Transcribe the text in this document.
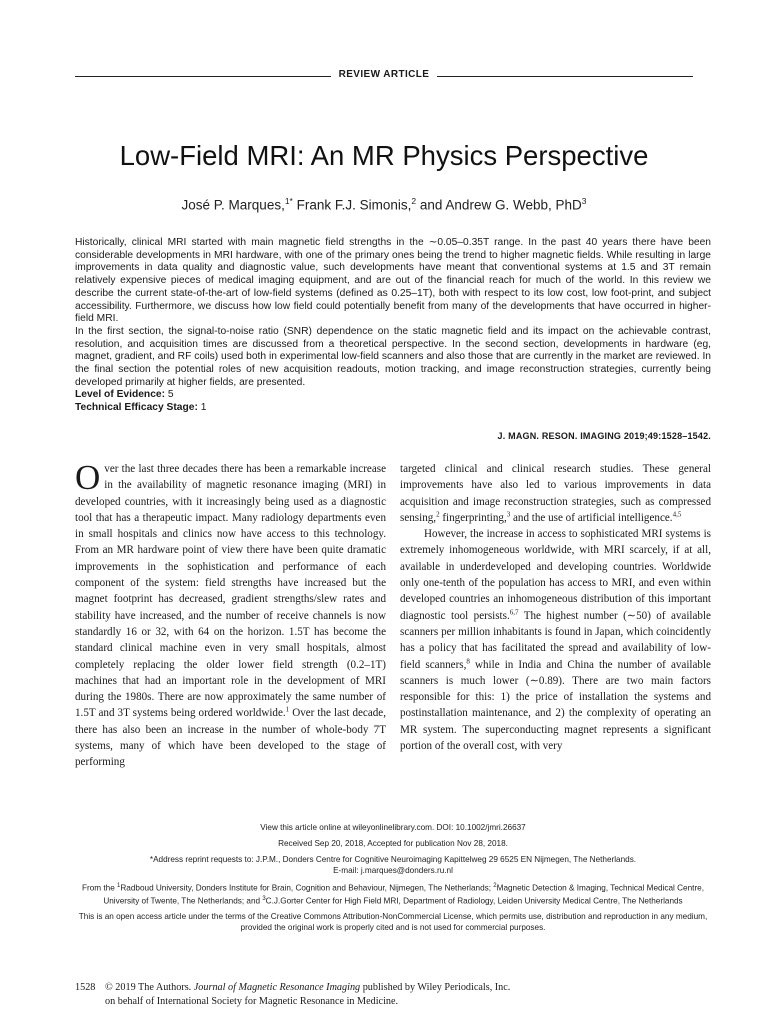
REVIEW ARTICLE
Low-Field MRI: An MR Physics Perspective
José P. Marques,$^{1*}$ Frank F.J. Simonis,$^2$ and Andrew G. Webb, PhD$^3$

Historically, clinical MRI started with main magnetic field strengths in the ∼0.05–0.35T range. In the past 40 years there have been considerable developments in MRI hardware, with one of the primary ones being the trend to higher magnetic fields. While resulting in large improvements in data quality and diagnostic value, such developments have meant that conventional systems at 1.5 and 3T remain relatively expensive pieces of medical imaging equipment, and are out of the financial reach for much of the world. In this review we describe the current state-of-the-art of low-field systems (defined as 0.25–1T), both with respect to its low cost, low foot-print, and subject accessibility. Furthermore, we discuss how low field could potentially benefit from many of the developments that have occurred in higher-field MRI.

In the first section, the signal-to-noise ratio (SNR) dependence on the static magnetic field and its impact on the achievable contrast, resolution, and acquisition times are discussed from a theoretical perspective. In the second section, developments in hardware (eg, magnet, gradient, and RF coils) used both in experimental low-field scanners and also those that are currently in the market are reviewed. In the final section the potential roles of new acquisition readouts, motion tracking, and image reconstruction strategies, currently being developed primarily at higher fields, are presented.

Level of Evidence: 5

Technical Efficacy Stage: 1

J. MAGN. RESON. IMAGING 2019;49:1528–1542.

Over the last three decades there has been a remarkable increase in the availability of magnetic resonance imaging (MRI) in developed countries, with it increasingly being used as a diagnostic tool that has a therapeutic impact. Many radiology departments even in small hospitals and clinics now have access to this technology. From an MR hardware point of view there have been quite dramatic improvements in the sophistication and performance of each component of the system: field strengths have increased but the magnet footprint has decreased, gradient strengths/slew rates and stability have increased, and the number of receive channels is now standardly 16 or 32, with 64 on the horizon. 1.5T has become the standard clinical machine even in very small hospitals, almost completely replacing the older lower field strength (0.2–1T) machines that had an important role in the development of MRI during the 1980s. There are now approximately the same number of 1.5T and 3T systems being ordered worldwide.$^1$ Over the last decade, there has also been an increase in the number of whole-body 7T systems, many of which have been developed to the stage of performing

targeted clinical and clinical research studies. These general improvements have also led to various improvements in data acquisition and image reconstruction strategies, such as compressed sensing,$^2$ fingerprinting,$^3$ and the use of artificial intelligence.$^{4,5}$

However, the increase in access to sophisticated MRI systems is extremely inhomogeneous worldwide, with MRI scarcely, if at all, available in underdeveloped and developing countries. Worldwide only one-tenth of the population has access to MRI, and even within developed countries an inhomogeneous distribution of this important diagnostic tool persists.$^{6,7}$ The highest number (∼50) of available scanners per million inhabitants is found in Japan, which coincidently has a policy that has facilitated the spread and availability of low-field scanners,$^8$ while in India and China the number of available scanners is much lower (∼0.89). There are two main factors responsible for this: 1) the price of installation the systems and postinstallation maintenance, and 2) the complexity of operating an MR system. The superconducting magnet represents a significant portion of the overall cost, with very

View this article online at wileyonlinelibrary.com. DOI: 10.1002/jmri.26637

Received Sep 20, 2018, Accepted for publication Nov 28, 2018.

*Address reprint requests to: J.P.M., Donders Centre for Cognitive Neuroimaging Kapittelweg 29 6525 EN Nijmegen, The Netherlands.
E-mail: j.marques@donders.ru.nl

From the $^1$Radboud University, Donders Institute for Brain, Cognition and Behaviour, Nijmegen, The Netherlands; $^2$Magnetic Detection & Imaging, Technical Medical Centre, University of Twente, The Netherlands; and $^3$C.J.Gorter Center for High Field MRI, Department of Radiology, Leiden University Medical Centre, The Netherlands

This is an open access article under the terms of the Creative Commons Attribution-NonCommercial License, which permits use, distribution and reproduction in any medium, provided the original work is properly cited and is not used for commercial purposes.

1528 © 2019 The Authors. Journal of Magnetic Resonance Imaging published by Wiley Periodicals, Inc.
on behalf of International Society for Magnetic Resonance in Medicine.
